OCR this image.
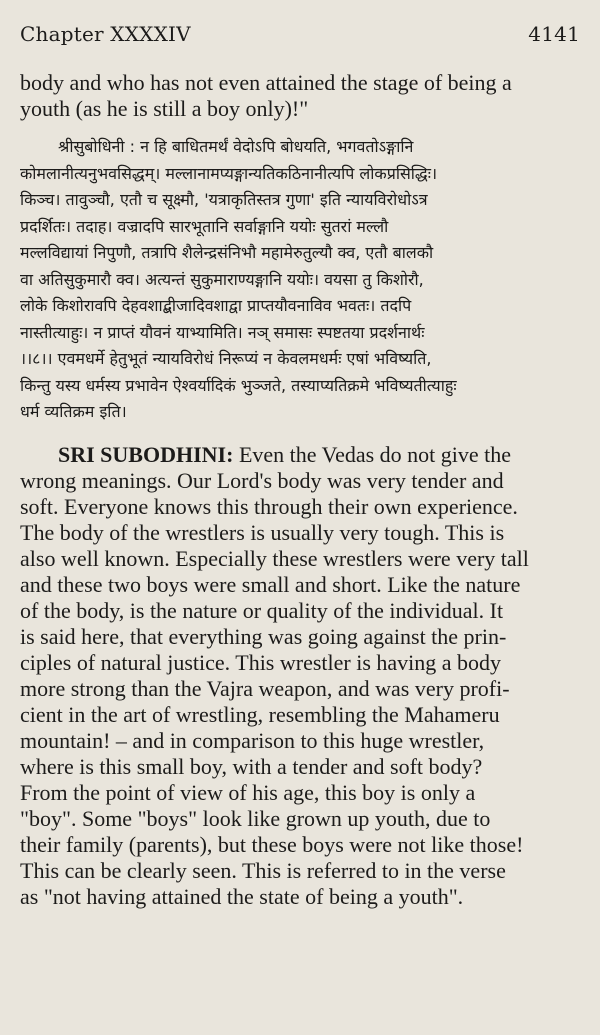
Chapter XXXXIV	4141
body and who has not even attained the stage of being a
youth (as he is still a boy only)!"
श्रीसुबोधिनी : न हि बाधितमर्थं वेदोऽपि बोधयति, भगवतोऽङ्गानि
कोमलानीत्यनुभवसिद्धम्। मल्लानामप्यङ्गान्यतिकठिनानीत्यपि लोकप्रसिद्धिः।
किञ्च। तावुञ्चौ, एतौ च सूक्ष्मौ, 'यत्राकृतिस्तत्र गुणा' इति न्यायविरोधोऽत्र
प्रदर्शितः। तदाह। वज्रादपि सारभूतानि सर्वाङ्गानि ययोः सुतरां मल्लौ
मल्लविद्यायां निपुणौ, तत्रापि शैलेन्द्रसंनिभौ महामेरुतुल्यौ क्व, एतौ बालकौ
वा अतिसुकुमारौ क्व। अत्यन्तं सुकुमाराण्यङ्गानि ययोः। वयसा तु किशोरौ,
लोके किशोरावपि देहवशाद्बीजादिवशाद्वा प्राप्तयौवनाविव भवतः। तदपि
नास्तीत्याहुः। न प्राप्तं यौवनं याभ्यामिति। नञ् समासः स्पष्टतया प्रदर्शनार्थः
।।८।। एवमधर्मे हेतुभूतं न्यायविरोधं निरूप्यं न केवलमधर्मः एषां भविष्यति,
किन्तु यस्य धर्मस्य प्रभावेन ऐश्वर्यादिकं भुञ्जते, तस्याप्यतिक्रमे भविष्यतीत्याहुः
धर्म व्यतिक्रम इति।
SRI SUBODHINI: Even the Vedas do not give the
wrong meanings. Our Lord's body was very tender and
soft. Everyone knows this through their own experience.
The body of the wrestlers is usually very tough. This is
also well known. Especially these wrestlers were very tall
and these two boys were small and short. Like the nature
of the body, is the nature or quality of the individual. It
is said here, that everything was going against the prin-
ciples of natural justice. This wrestler is having a body
more strong than the Vajra weapon, and was very profi-
cient in the art of wrestling, resembling the Mahameru
mountain! – and in comparison to this huge wrestler,
where is this small boy, with a tender and soft body?
From the point of view of his age, this boy is only a
"boy". Some "boys" look like grown up youth, due to
their family (parents), but these boys were not like those!
This can be clearly seen. This is referred to in the verse
as "not having attained the state of being a youth".
